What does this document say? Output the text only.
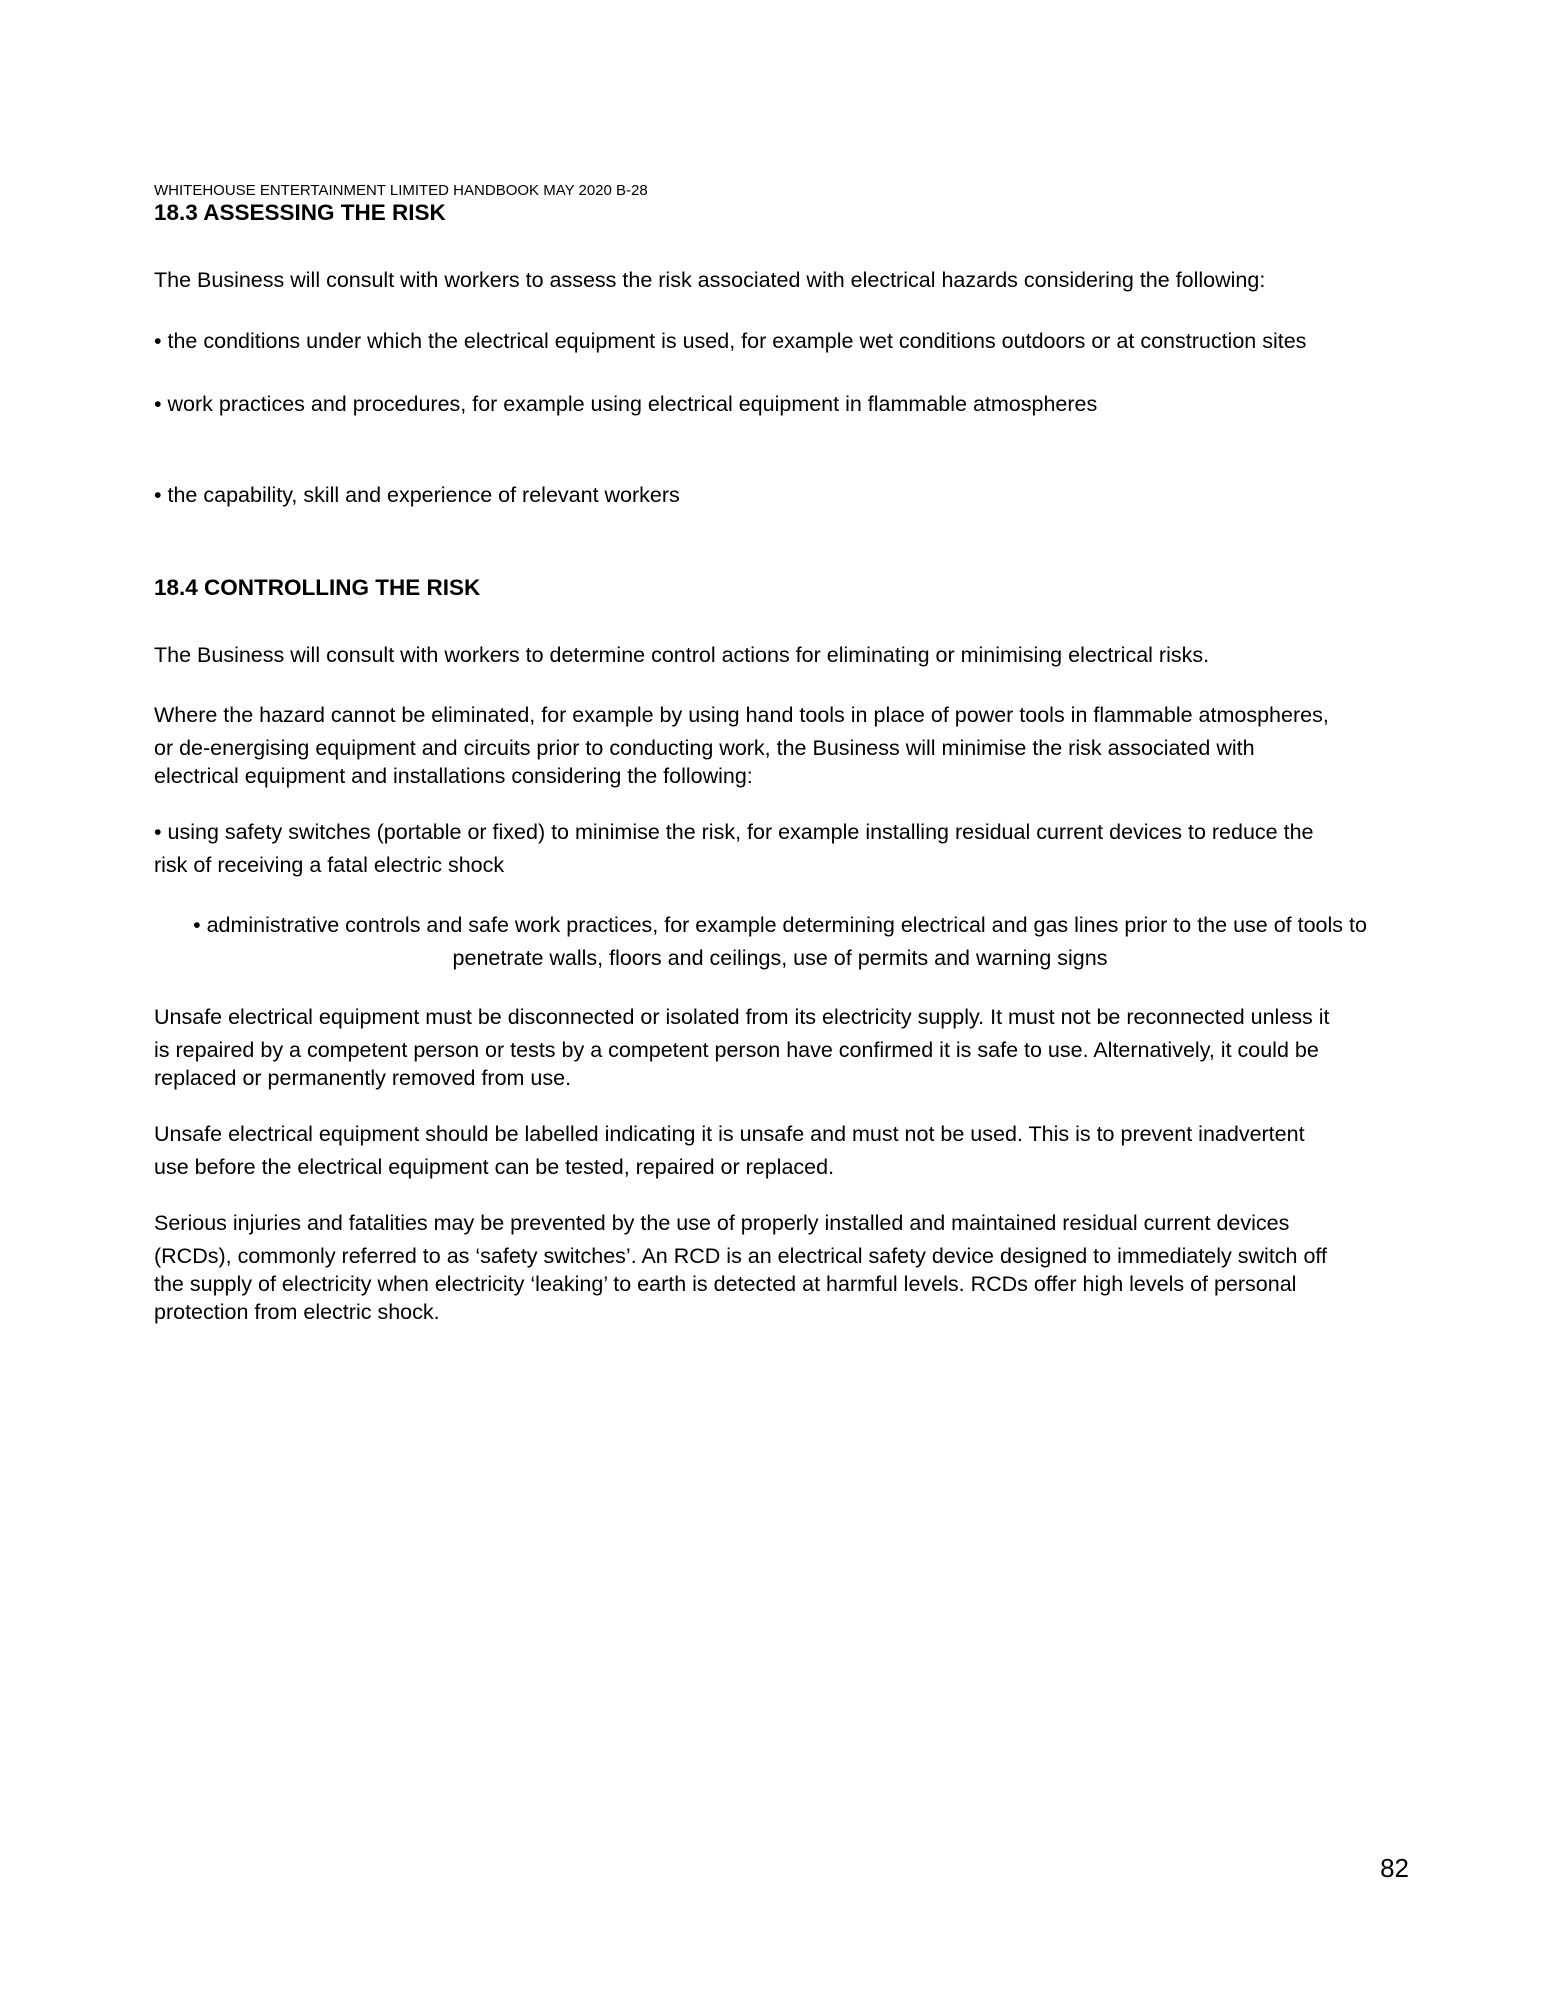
WHITEHOUSE ENTERTAINMENT LIMITED HANDBOOK MAY 2020 B-28
18.3 ASSESSING THE RISK

The Business will consult with workers to assess the risk associated with electrical hazards considering the following:

• the conditions under which the electrical equipment is used, for example wet conditions outdoors or at construction sites

• work practices and procedures, for example using electrical equipment in flammable atmospheres

• the capability, skill and experience of relevant workers

18.4 CONTROLLING THE RISK

The Business will consult with workers to determine control actions for eliminating or minimising electrical risks.

Where the hazard cannot be eliminated, for example by using hand tools in place of power tools in flammable atmospheres,

or de-energising equipment and circuits prior to conducting work, the Business will minimise the risk associated with

electrical equipment and installations considering the following:

• using safety switches (portable or fixed) to minimise the risk, for example installing residual current devices to reduce the

risk of receiving a fatal electric shock

• administrative controls and safe work practices, for example determining electrical and gas lines prior to the use of tools to
penetrate walls, floors and ceilings, use of permits and warning signs

Unsafe electrical equipment must be disconnected or isolated from its electricity supply. It must not be reconnected unless it

is repaired by a competent person or tests by a competent person have confirmed it is safe to use. Alternatively, it could be

replaced or permanently removed from use.

Unsafe electrical equipment should be labelled indicating it is unsafe and must not be used. This is to prevent inadvertent

use before the electrical equipment can be tested, repaired or replaced.

Serious injuries and fatalities may be prevented by the use of properly installed and maintained residual current devices

(RCDs), commonly referred to as ‘safety switches’. An RCD is an electrical safety device designed to immediately switch off

the supply of electricity when electricity ‘leaking’ to earth is detected at harmful levels. RCDs offer high levels of personal

protection from electric shock.

82
